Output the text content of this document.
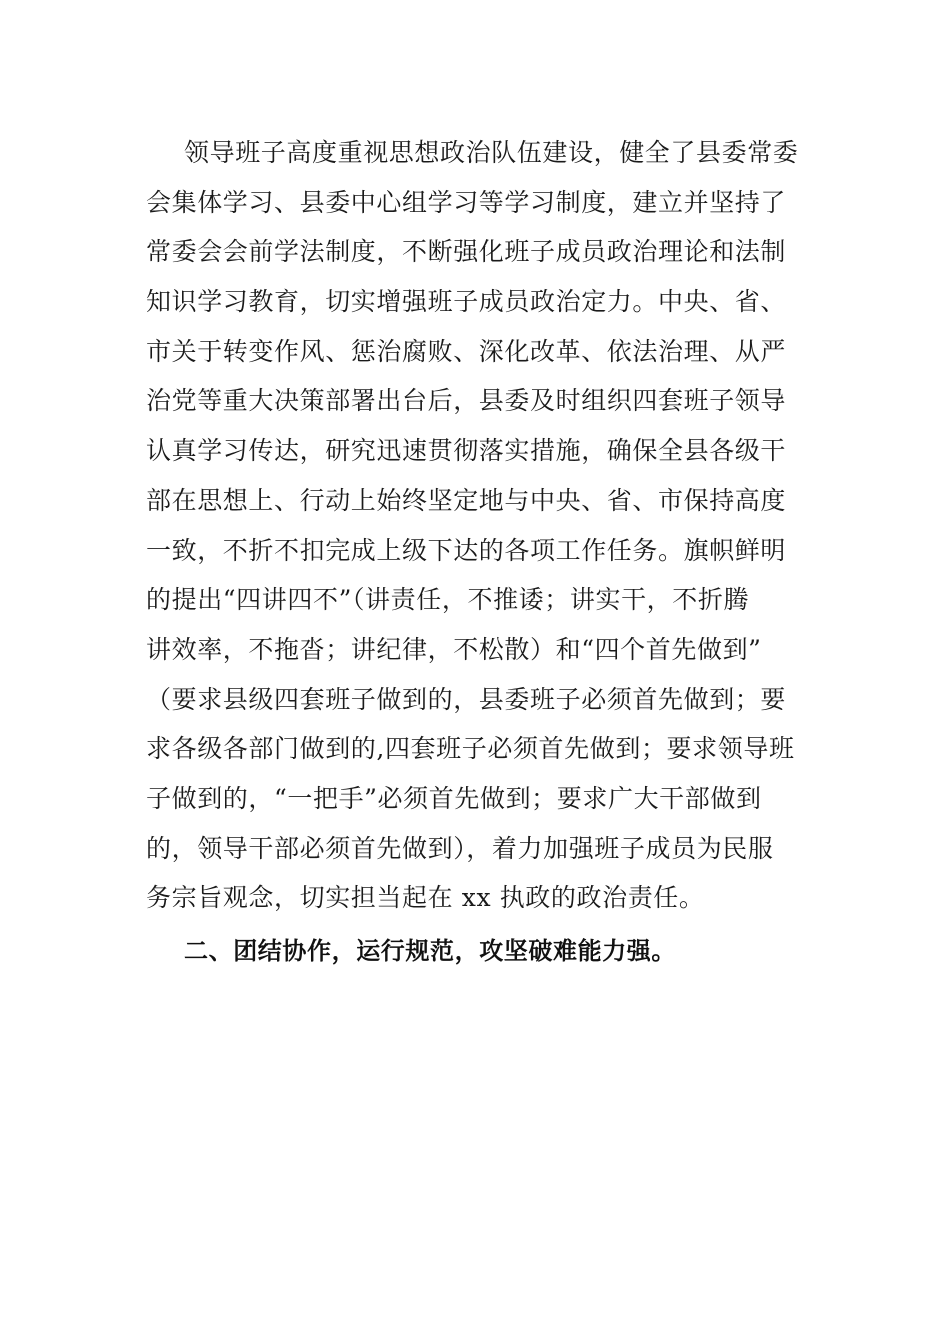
领导班子高度重视思想政治队伍建设，健全了县委常委
会集体学习、县委中心组学习等学习制度，建立并坚持了
常委会会前学法制度，不断强化班子成员政治理论和法制
知识学习教育，切实增强班子成员政治定力。中央、省、
市关于转变作风、惩治腐败、深化改革、依法治理、从严
治党等重大决策部署出台后，县委及时组织四套班子领导
认真学习传达，研究迅速贯彻落实措施，确保全县各级干
部在思想上、行动上始终坚定地与中央、省、市保持高度
一致，不折不扣完成上级下达的各项工作任务。旗帜鲜明
的提出“四讲四不”（讲责任，不推诿；讲实干，不折腾
讲效率，不拖沓；讲纪律，不松散）和“四个首先做到”
（要求县级四套班子做到的，县委班子必须首先做到；要
求各级各部门做到的,四套班子必须首先做到；要求领导班
子做到的，“一把手”必须首先做到；要求广大干部做到
的，领导干部必须首先做到），着力加强班子成员为民服
务宗旨观念，切实担当起在 xx 执政的政治责任。
二、团结协作，运行规范，攻坚破难能力强。
